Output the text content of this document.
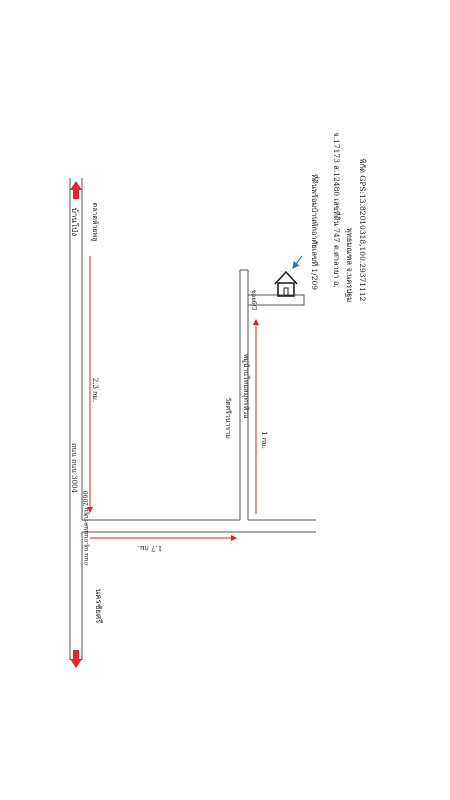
นครชัยศรี
บ้านโป่ง ตลาดห้วยพลู
2.3 กม.
ถนน ถนน 3004
ถนน นฐ.ถนนนครปฐม 2090	1.7 กม.
วัดศรีวนาราม หมู่บ้านไทยสมุทรหัวอ
1 กม.
ซอย6/3
ที่ดินพร้อมบ้านพักอาศัยเลขที่ 1/209 จ.17173 ส.12480 เลขที่ดิน 747 ต.ศาลายา อ. พุทธมณฑล จ.นครปฐม พิกัด GPS:13.82010318,100.29371112
